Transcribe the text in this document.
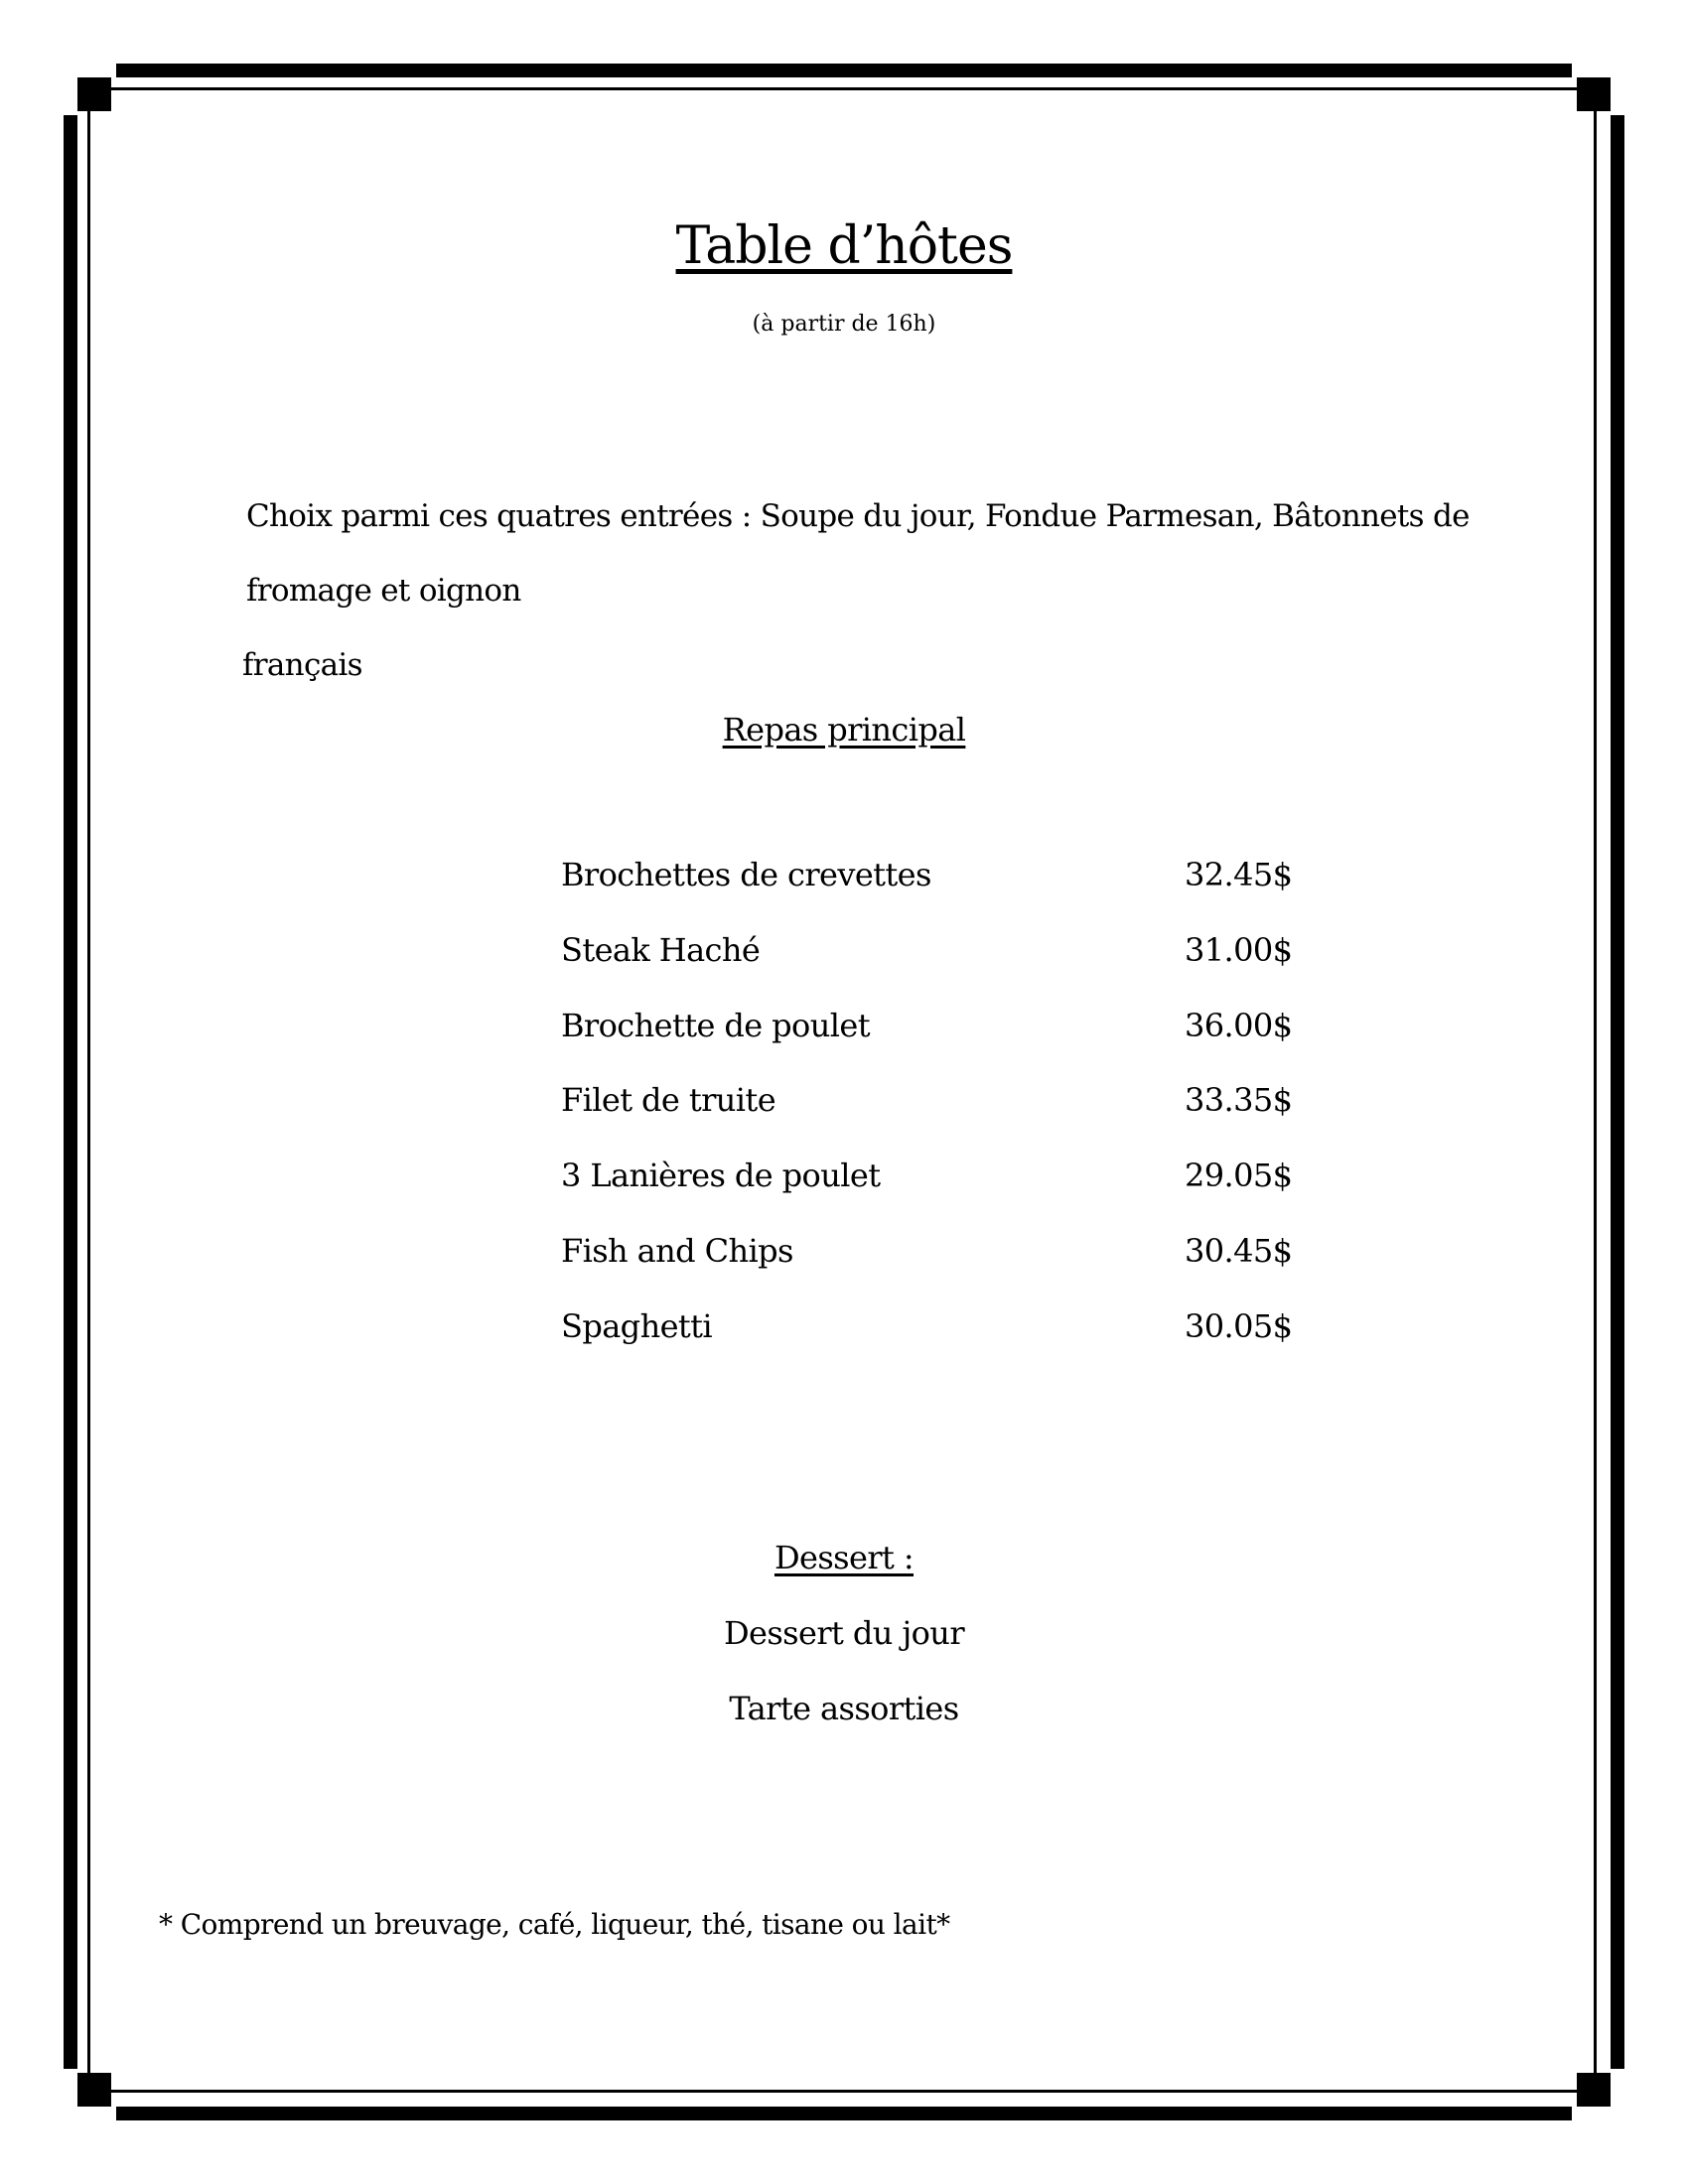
Table d’hôtes
(à partir de 16h)
Choix parmi ces quatres entrées : Soupe du jour, Fondue Parmesan, Bâtonnets de fromage et oignon
français
Repas principal
Brochettes de crevettes	32.45$
Steak Haché	31.00$
Brochette de poulet	36.00$
Filet de truite	33.35$
3 Lanières de poulet	29.05$
Fish and Chips	30.45$
Spaghetti	30.05$
Dessert :
Dessert du jour
Tarte assorties
* Comprend un breuvage, café, liqueur, thé, tisane ou lait*
